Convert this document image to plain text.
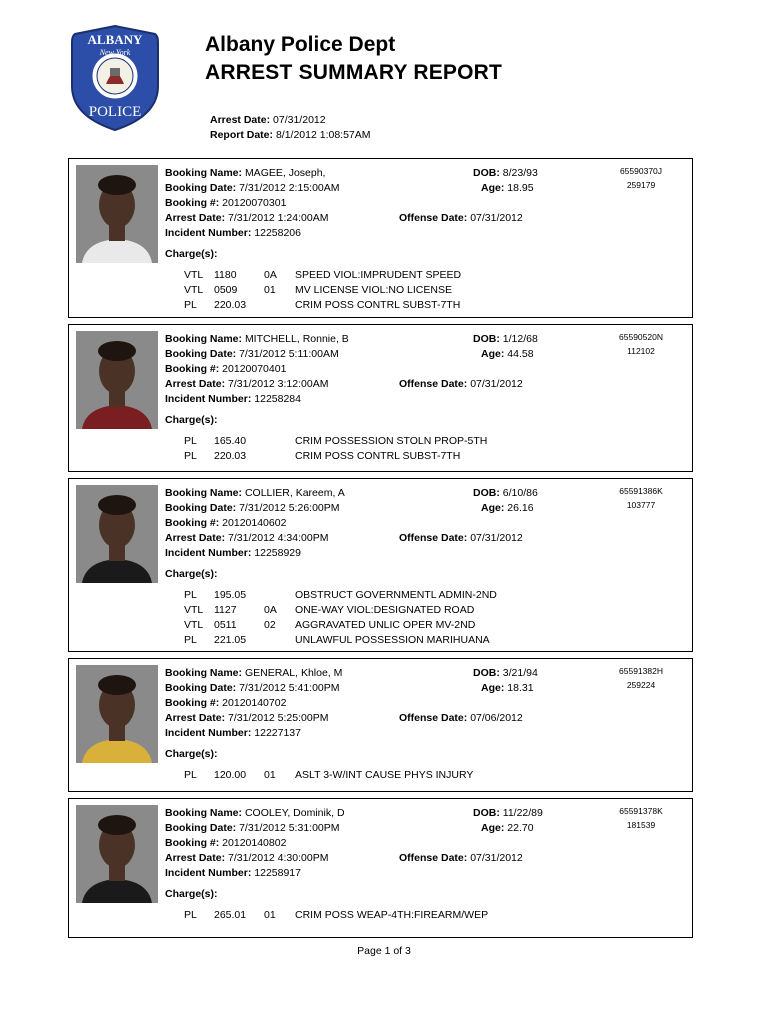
ALBANY
New York
POLICE
Albany Police Dept
ARREST SUMMARY REPORT
Arrest Date: 07/31/2012
Report Date: 8/1/2012 1:08:57AM
Booking Name: MAGEE, Joseph,
Booking Date: 7/31/2012 2:15:00AM
Booking #: 20120070301
Arrest Date: 7/31/2012 1:24:00AM
Incident Number: 12258206
DOB: 8/23/93
Age: 18.95
Offense Date: 07/31/2012
65590370J
259179
Charge(s):
VTL 1180	0A SPEED VIOL:IMPRUDENT SPEED
VTL 0509	01 MV LICENSE VIOL:NO LICENSE
PL 220.03	CRIM POSS CONTRL SUBST-7TH
Booking Name: MITCHELL, Ronnie, B
Booking Date: 7/31/2012 5:11:00AM
Booking #: 20120070401
Arrest Date: 7/31/2012 3:12:00AM
Incident Number: 12258284
DOB: 1/12/68
Age: 44.58
Offense Date: 07/31/2012
65590520N
112102
Charge(s):
PL 165.40	CRIM POSSESSION STOLN PROP-5TH
PL 220.03	CRIM POSS CONTRL SUBST-7TH
Booking Name: COLLIER, Kareem, A
Booking Date: 7/31/2012 5:26:00PM
Booking #: 20120140602
Arrest Date: 7/31/2012 4:34:00PM
Incident Number: 12258929
DOB: 6/10/86
Age: 26.16
Offense Date: 07/31/2012
65591386K
103777
Charge(s):
PL 195.05	OBSTRUCT GOVERNMENTL ADMIN-2ND
VTL 1127	0A ONE-WAY VIOL:DESIGNATED ROAD
VTL 0511	02 AGGRAVATED UNLIC OPER MV-2ND
PL 221.05	UNLAWFUL POSSESSION MARIHUANA
Booking Name: GENERAL, Khloe, M
Booking Date: 7/31/2012 5:41:00PM
Booking #: 20120140702
Arrest Date: 7/31/2012 5:25:00PM
Incident Number: 12227137
DOB: 3/21/94
Age: 18.31
Offense Date: 07/06/2012
65591382H
259224
Charge(s):
PL 120.00 01 ASLT 3-W/INT CAUSE PHYS INJURY
Booking Name: COOLEY, Dominik, D
Booking Date: 7/31/2012 5:31:00PM
Booking #: 20120140802
Arrest Date: 7/31/2012 4:30:00PM
Incident Number: 12258917
DOB: 11/22/89
Age: 22.70
Offense Date: 07/31/2012
65591378K
181539
Charge(s):
PL 265.01 01 CRIM POSS WEAP-4TH:FIREARM/WEP
Page 1 of 3
